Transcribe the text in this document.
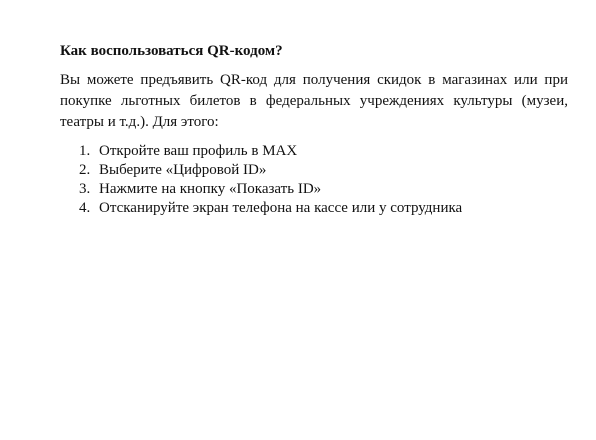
Как воспользоваться QR-кодом?
Вы можете предъявить QR-код для получения скидок в магазинах или при покупке льготных билетов в федеральных учреждениях культуры (музеи, театры и т.д.). Для этого:
1. Откройте ваш профиль в MAX
2. Выберите «Цифровой ID»
3. Нажмите на кнопку «Показать ID»
4. Отсканируйте экран телефона на кассе или у сотрудника
